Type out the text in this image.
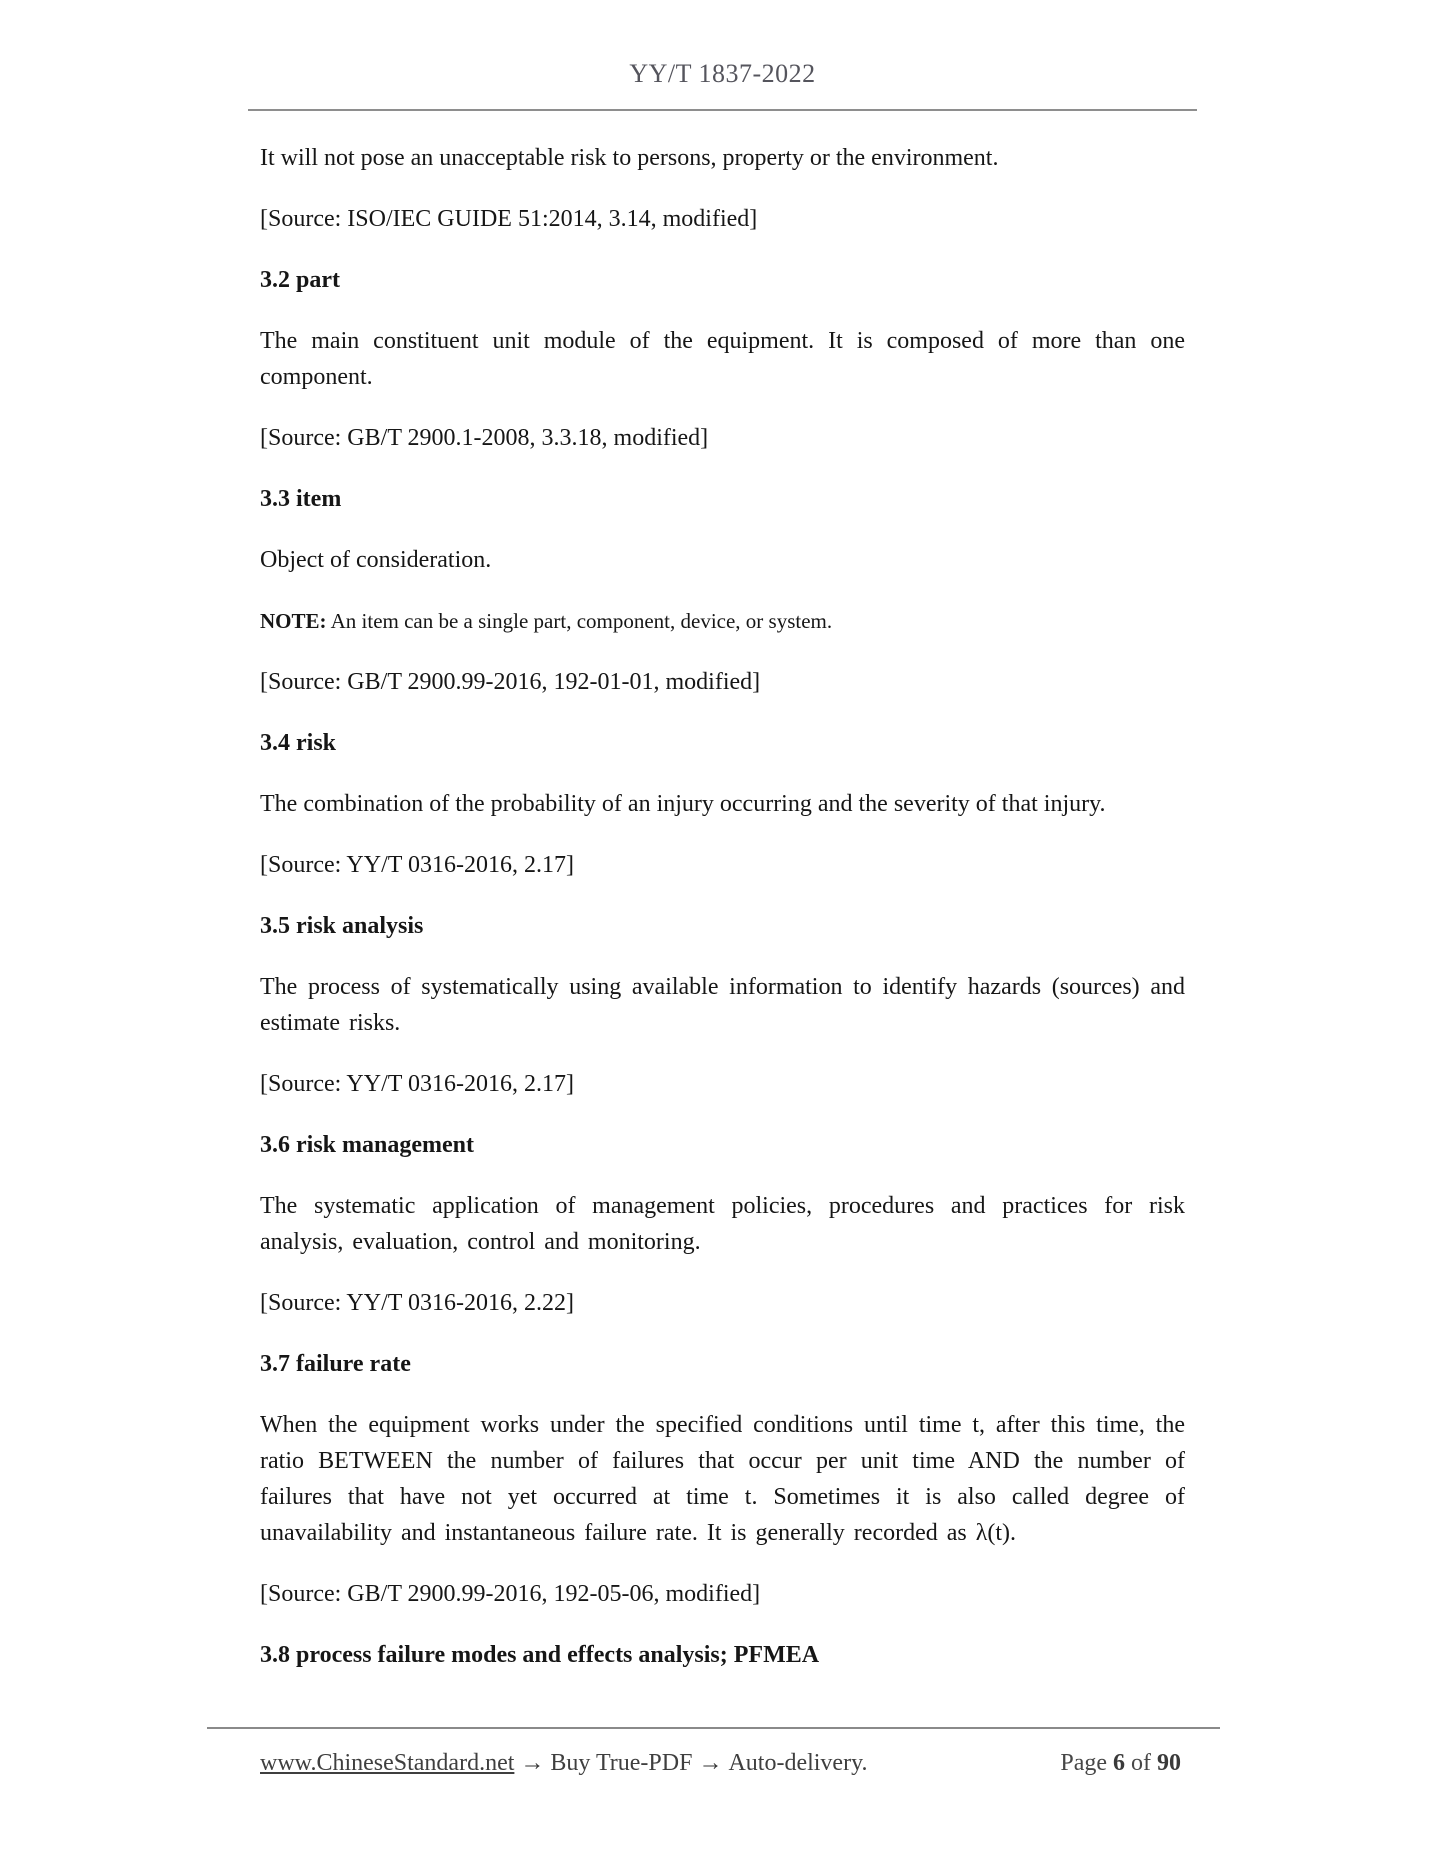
YY/T 1837-2022
It will not pose an unacceptable risk to persons, property or the environment.
[Source: ISO/IEC GUIDE 51:2014, 3.14, modified]
3.2 part
The main constituent unit module of the equipment. It is composed of more than one component.
[Source: GB/T 2900.1-2008, 3.3.18, modified]
3.3 item
Object of consideration.
NOTE: An item can be a single part, component, device, or system.
[Source: GB/T 2900.99-2016, 192-01-01, modified]
3.4 risk
The combination of the probability of an injury occurring and the severity of that injury.
[Source: YY/T 0316-2016, 2.17]
3.5 risk analysis
The process of systematically using available information to identify hazards (sources) and estimate risks.
[Source: YY/T 0316-2016, 2.17]
3.6 risk management
The systematic application of management policies, procedures and practices for risk analysis, evaluation, control and monitoring.
[Source: YY/T 0316-2016, 2.22]
3.7 failure rate
When the equipment works under the specified conditions until time t, after this time, the ratio BETWEEN the number of failures that occur per unit time AND the number of failures that have not yet occurred at time t. Sometimes it is also called degree of unavailability and instantaneous failure rate. It is generally recorded as λ(t).
[Source: GB/T 2900.99-2016, 192-05-06, modified]
3.8 process failure modes and effects analysis; PFMEA
www.ChineseStandard.net → Buy True-PDF → Auto-delivery.	Page 6 of 90
